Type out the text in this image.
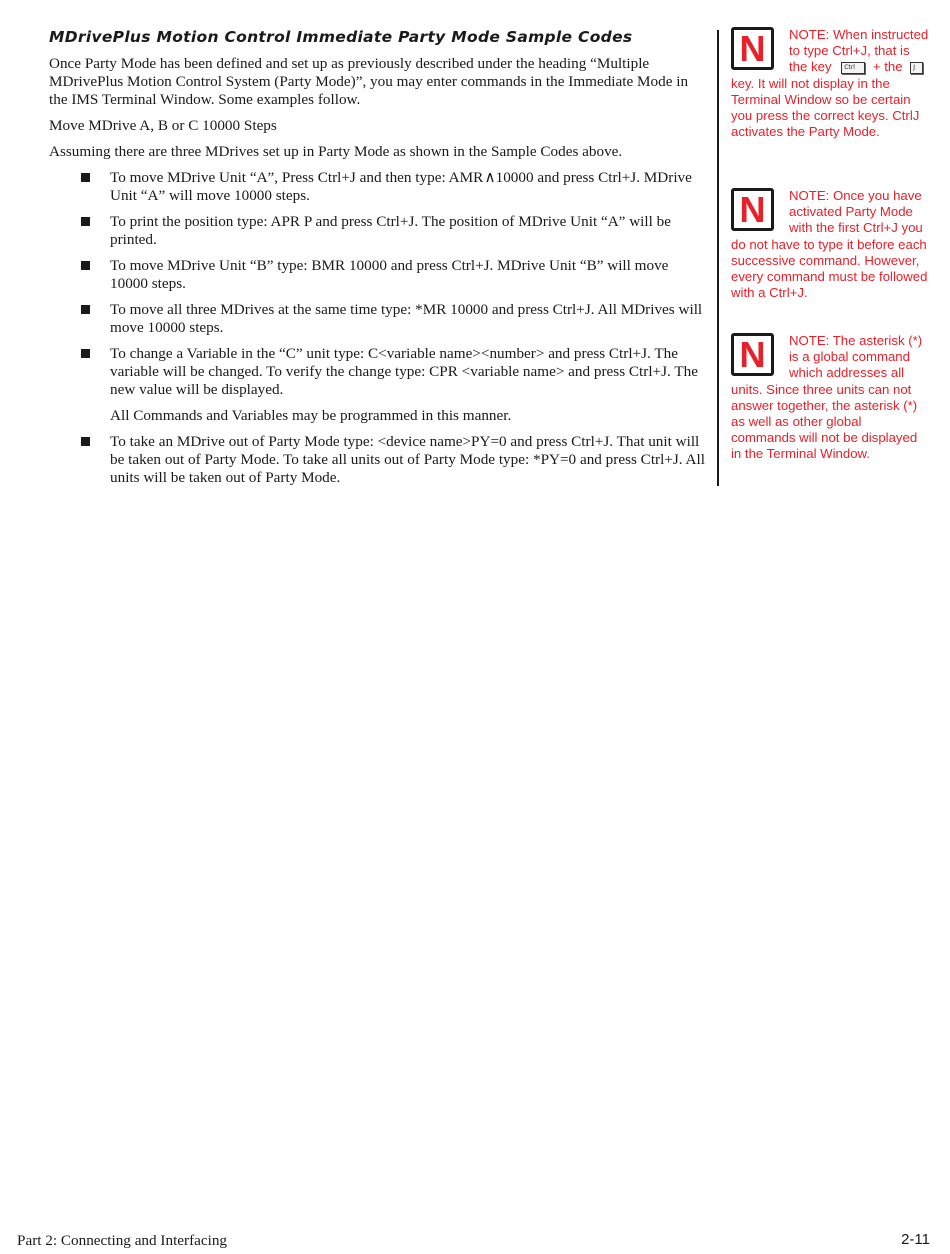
MDrivePlus Motion Control Immediate Party Mode Sample Codes

Once Party Mode has been defined and set up as previously described under the heading “Multiple MDrivePlus Motion Control System (Party Mode)”, you may enter commands in the Immediate Mode in the IMS Terminal Window. Some examples follow.

Move MDrive A, B or C 10000 Steps

Assuming there are three MDrives set up in Party Mode as shown in the Sample Codes above.

To move MDrive Unit “A”, Press Ctrl+J and then type: AMR ∧10000 and press Ctrl+J. MDrive Unit “A” will move 10000 steps.
To print the position type: APR P and press Ctrl+J. The position of MDrive Unit “A” will be printed.
To move MDrive Unit “B” type: BMR 10000 and press Ctrl+J. MDrive Unit “B” will move 10000 steps.
To move all three MDrives at the same time type: *MR 10000 and press Ctrl+J. All MDrives will move 10000 steps.
To change a Variable in the “C” unit type: C<variable name><number> and press Ctrl+J. The variable will be changed. To verify the change type: CPR <variable name> and press Ctrl+J. The new value will be displayed.

All Commands and Variables may be programmed in this manner.

To take an MDrive out of Party Mode type: <device name>PY=0 and press Ctrl+J. That unit will be taken out of Party Mode. To take all units out of Party Mode type: *PY=0 and press Ctrl+J. All units will be taken out of Party Mode.
N	NOTE: When instructed to type Ctrl+J, that is the key Ctrl + the J key. It will not display in the Terminal Window so be certain you press the correct keys. CtrlJ activates the Party Mode.
N	NOTE: Once you have activated Party Mode with the first Ctrl+J you do not have to type it before each successive command. However, every command must be followed with a Ctrl+J.
N	NOTE: The asterisk (*) is a global command which addresses all units. Since three units can not answer together, the asterisk (*) as well as other global commands will not be displayed in the Terminal Window.
Part 2: Connecting and Interfacing	2-11
